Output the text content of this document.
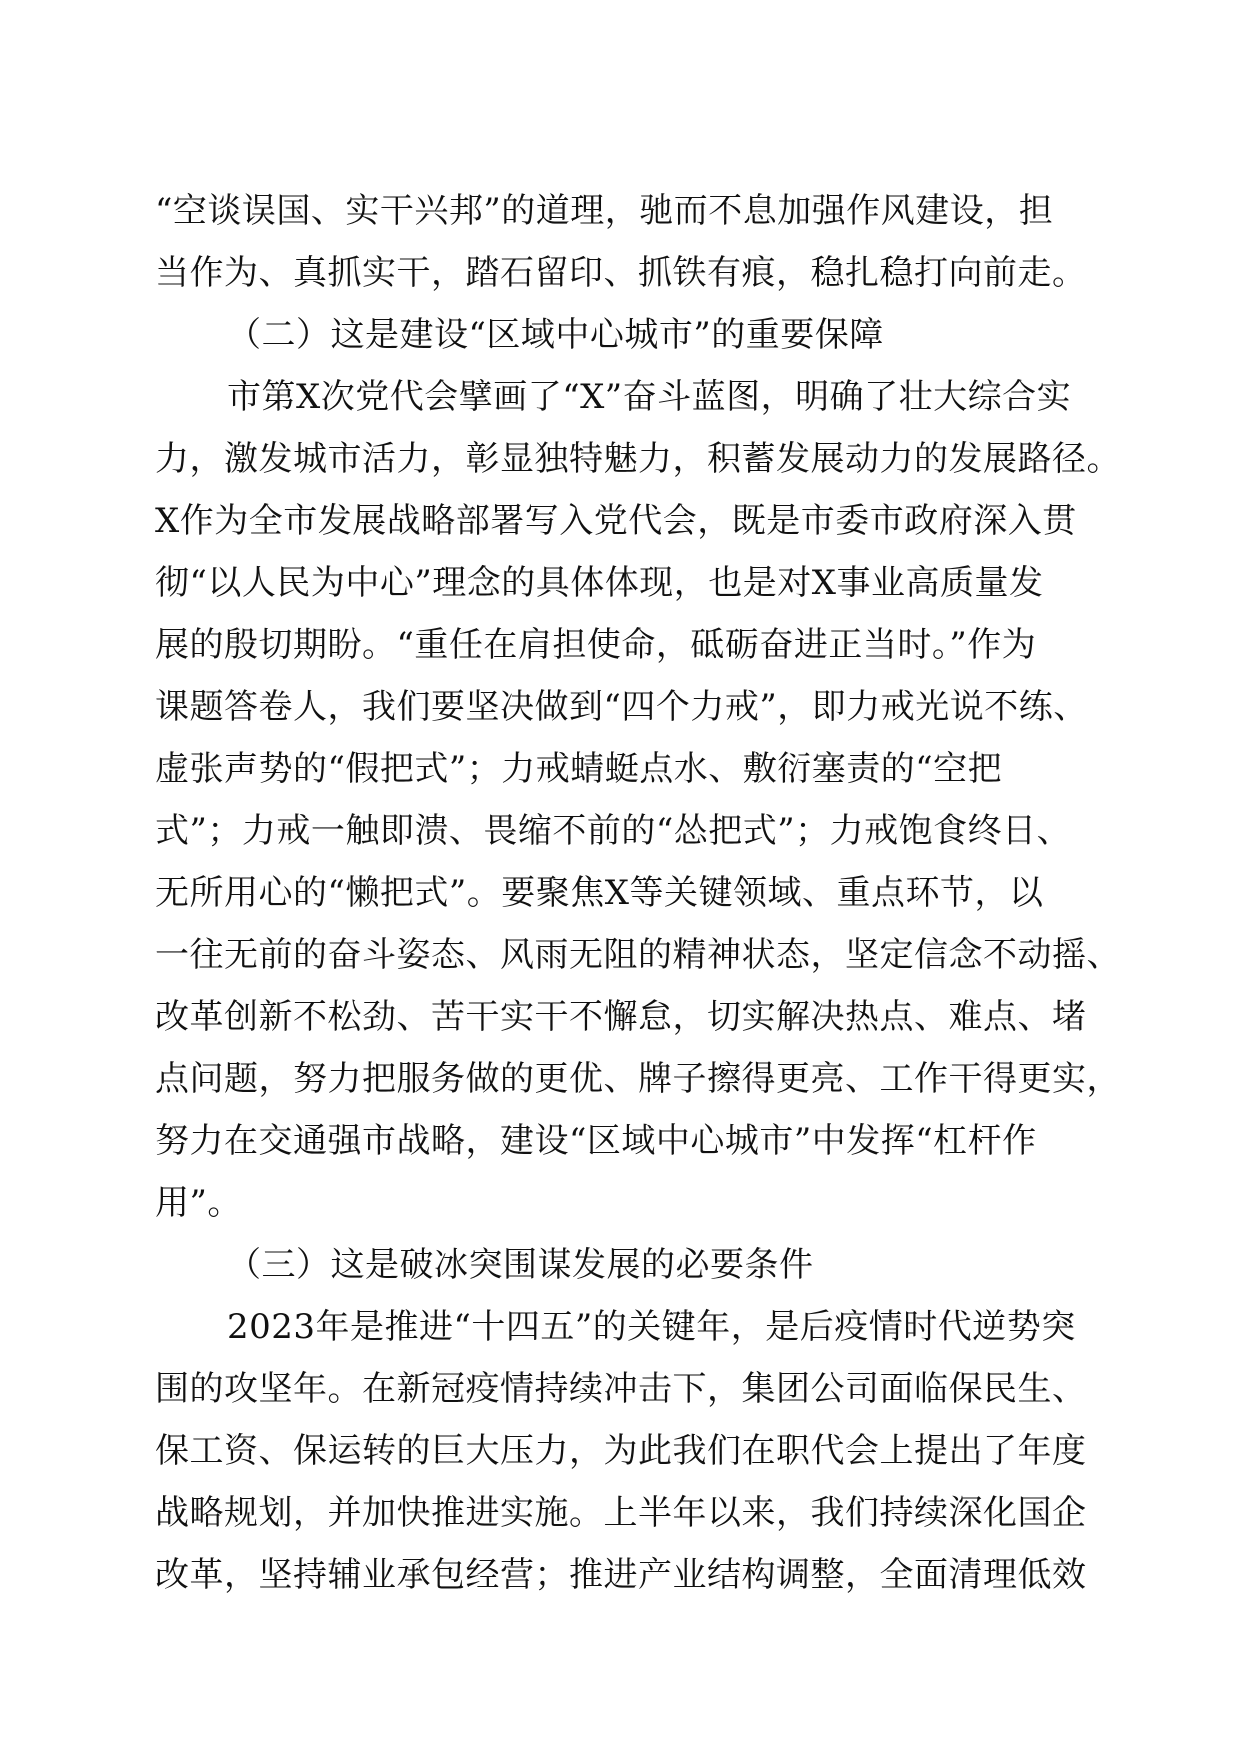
“空谈误国、实干兴邦”的道理，驰而不息加强作风建设，担
当作为、真抓实干，踏石留印、抓铁有痕，稳扎稳打向前走。
（二）这是建设“区域中心城市”的重要保障
市第X次党代会擘画了“X”奋斗蓝图，明确了壮大综合实
力，激发城市活力，彰显独特魅力，积蓄发展动力的发展路径。
X作为全市发展战略部署写入党代会，既是市委市政府深入贯
彻“以人民为中心”理念的具体体现，也是对X事业高质量发
展的殷切期盼。“重任在肩担使命，砥砺奋进正当时。”作为
课题答卷人，我们要坚决做到“四个力戒”，即力戒光说不练、
虚张声势的“假把式”；力戒蜻蜓点水、敷衍塞责的“空把
式”；力戒一触即溃、畏缩不前的“怂把式”；力戒饱食终日、
无所用心的“懒把式”。要聚焦X等关键领域、重点环节，以
一往无前的奋斗姿态、风雨无阻的精神状态，坚定信念不动摇、
改革创新不松劲、苦干实干不懈怠，切实解决热点、难点、堵
点问题，努力把服务做的更优、牌子擦得更亮、工作干得更实，
努力在交通强市战略，建设“区域中心城市”中发挥“杠杆作
用”。
（三）这是破冰突围谋发展的必要条件
2023年是推进“十四五”的关键年，是后疫情时代逆势突
围的攻坚年。在新冠疫情持续冲击下，集团公司面临保民生、
保工资、保运转的巨大压力，为此我们在职代会上提出了年度
战略规划，并加快推进实施。上半年以来，我们持续深化国企
改革，坚持辅业承包经营；推进产业结构调整，全面清理低效
